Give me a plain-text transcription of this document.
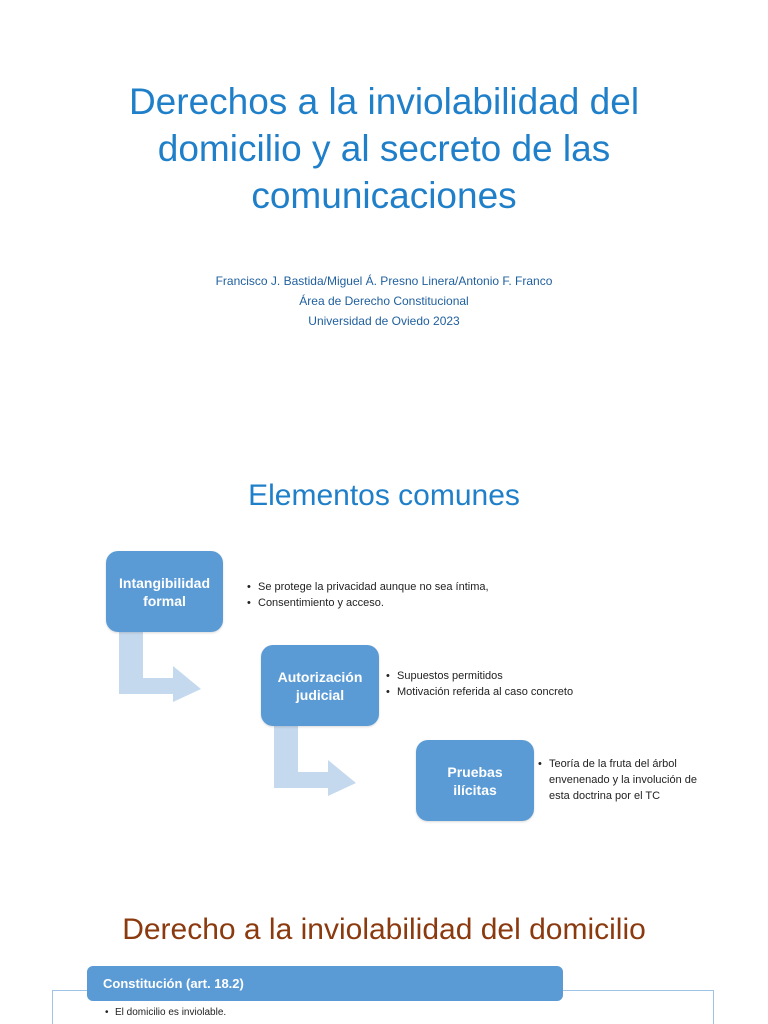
Derechos a la inviolabilidad del
domicilio y al secreto de las
comunicaciones
Francisco J. Bastida/Miguel Á. Presno Linera/Antonio F. Franco
Área de Derecho Constitucional
Universidad de Oviedo 2023
Elementos comunes
Intangibilidad
formal
• Se protege la privacidad aunque no sea íntima,
• Consentimiento y acceso.
Autorización
judicial
• Supuestos permitidos
• Motivación referida al caso concreto
Pruebas
ilícitas
• Teoría de la fruta del árbol envenenado y la involución de esta doctrina por el TC
Derecho a la inviolabilidad del domicilio
Constitución (art. 18.2)
• El domicilio es inviolable.
